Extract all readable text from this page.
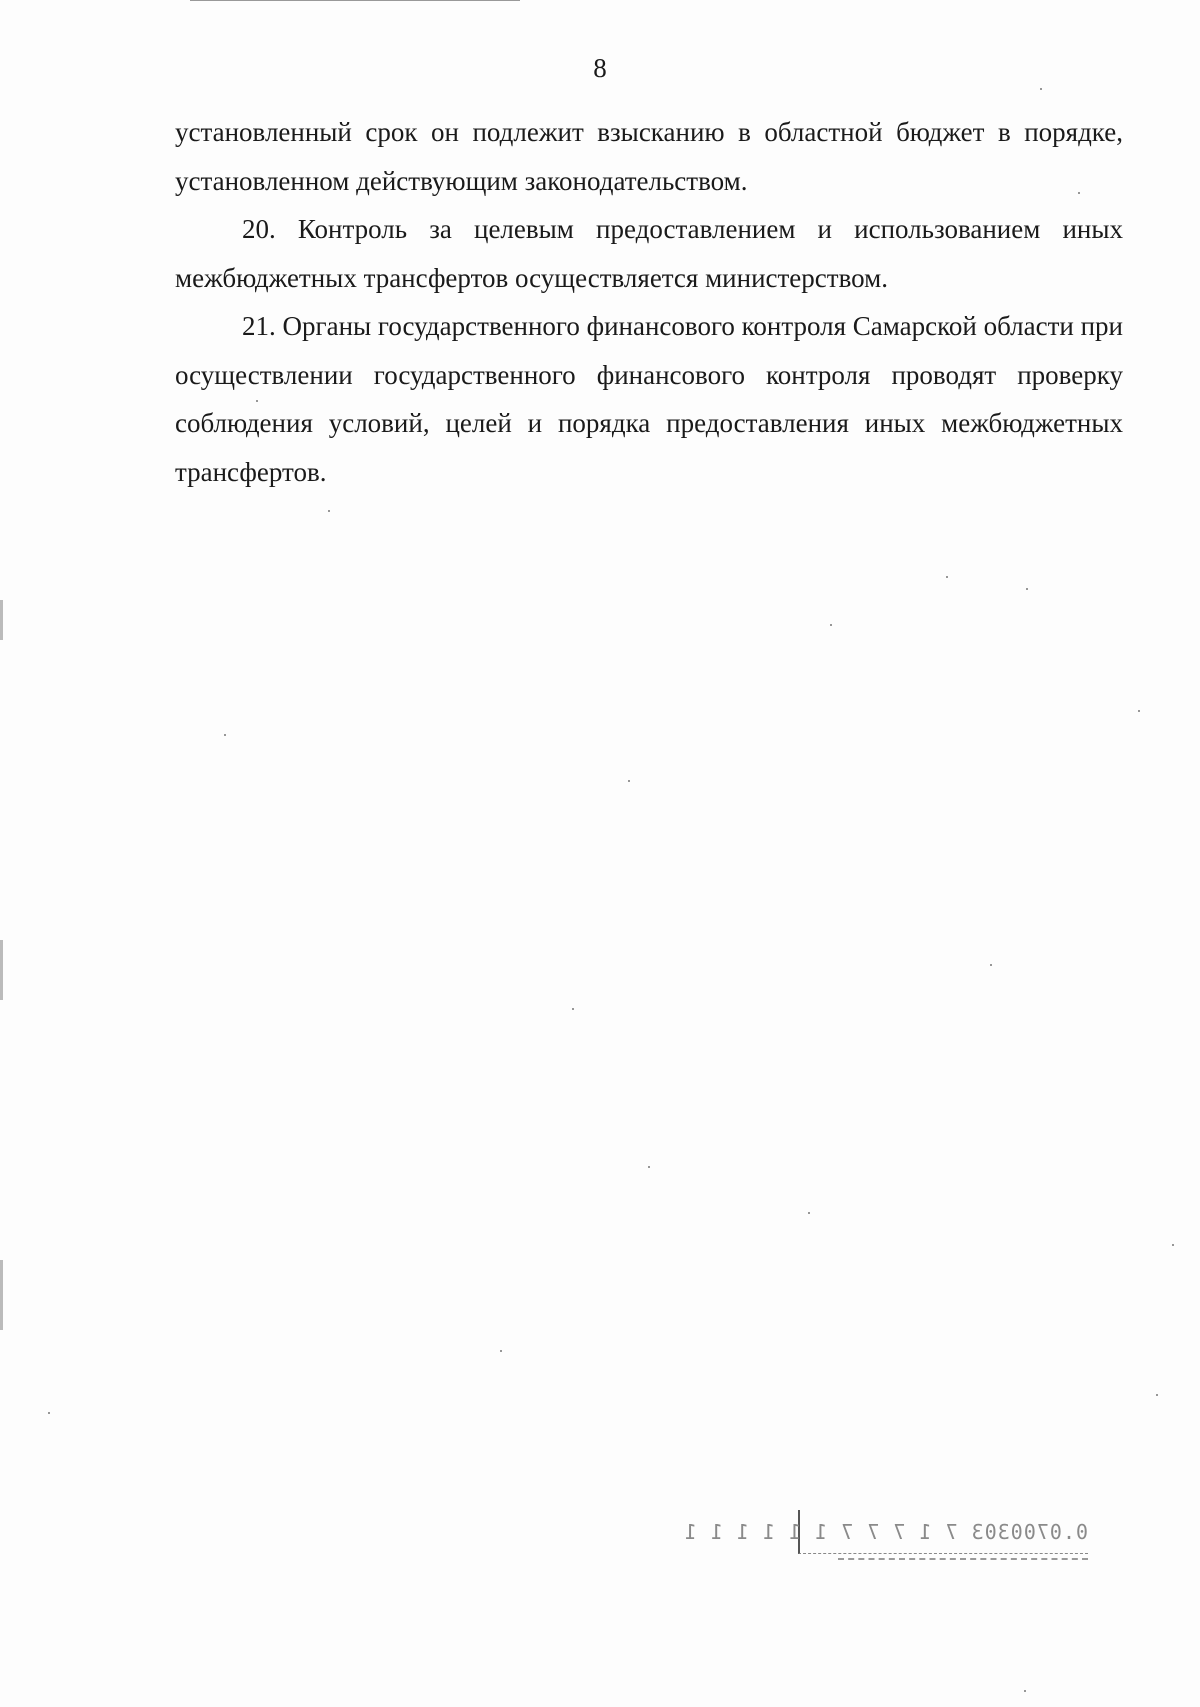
8

установленный срок он подлежит взысканию в областной бюджет в порядке, установленном действующим законодательством.

20. Контроль за целевым предоставлением и использованием иных межбюджетных трансфертов осуществляется министерством.

21. Органы государственного финансового контроля Самарской области при осуществлении государственного финансового контроля проводят проверку соблюдения условий, целей и порядка предоставления иных межбюджетных трансфертов.

0.0700303 7 1 7 7 7 1 1 1 1 1 1
